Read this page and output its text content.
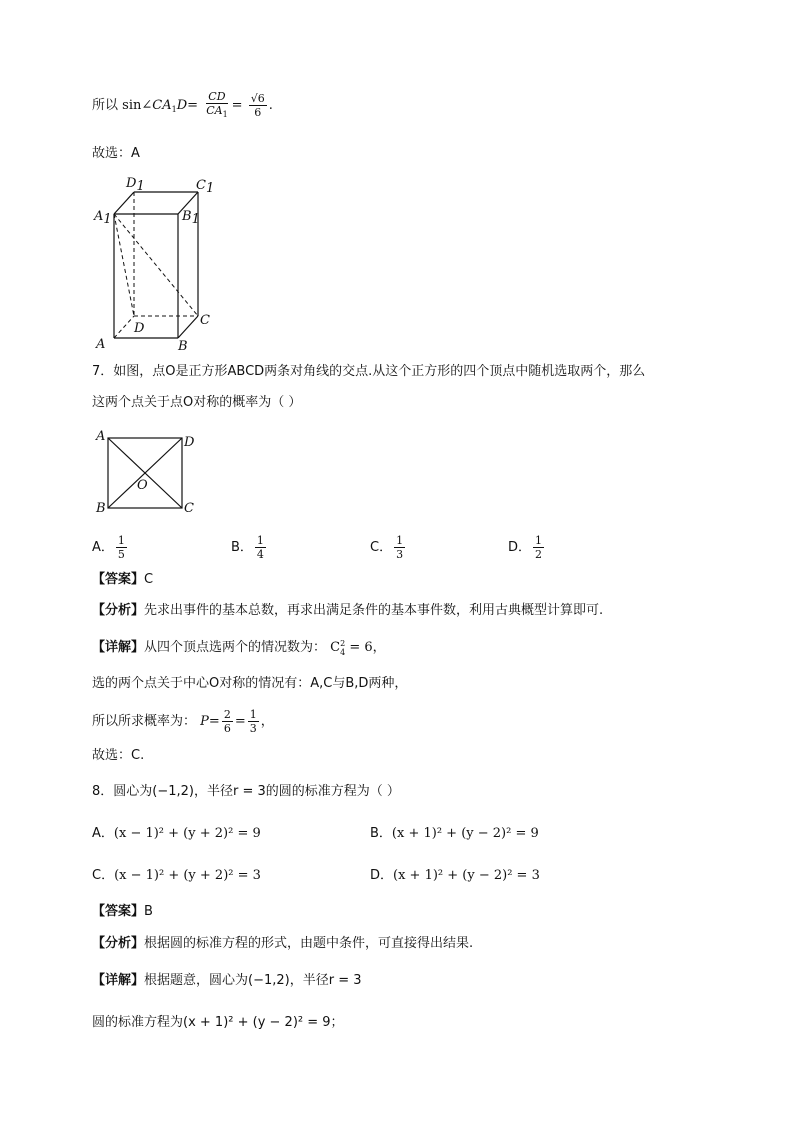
所以 $\sin\angle CA_1D= \frac{CD}{CA_1} = \frac{√6}{6}$ .
故选：A
D1	C1
A1	B1
A	B
C
D
7．如图，点O是正方形ABCD两条对角线的交点.从这个正方形的四个顶点中随机选取两个，那么
这两个点关于点O对称的概率为（ ）
A	D
B	C
O
A． $\frac{1}{5}$	B． $\frac{1}{4}$	C． $\frac{1}{3}$	D． $\frac{1}{2}$
【答案】C
【分析】先求出事件的基本总数，再求出满足条件的基本事件数，利用古典概型计算即可.
【详解】从四个顶点选两个的情况数为： C 2
4 = 6，
选的两个点关于中心O对称的情况有：A,C与B,D两种，
所以所求概率为： $P= \frac{2}{6} = \frac{1}{3}$ ，
故选：C.
8．圆心为(−1,2)，半径r = 3的圆的标准方程为（ ）
A．(x − 1)² + (y + 2)² = 9	B．(x + 1)² + (y − 2)² = 9
C．(x − 1)² + (y + 2)² = 3	D．(x + 1)² + (y − 2)² = 3
【答案】B
【分析】根据圆的标准方程的形式，由题中条件，可直接得出结果.
【详解】根据题意，圆心为(−1,2)，半径r = 3
圆的标准方程为(x + 1)² + (y − 2)² = 9；
